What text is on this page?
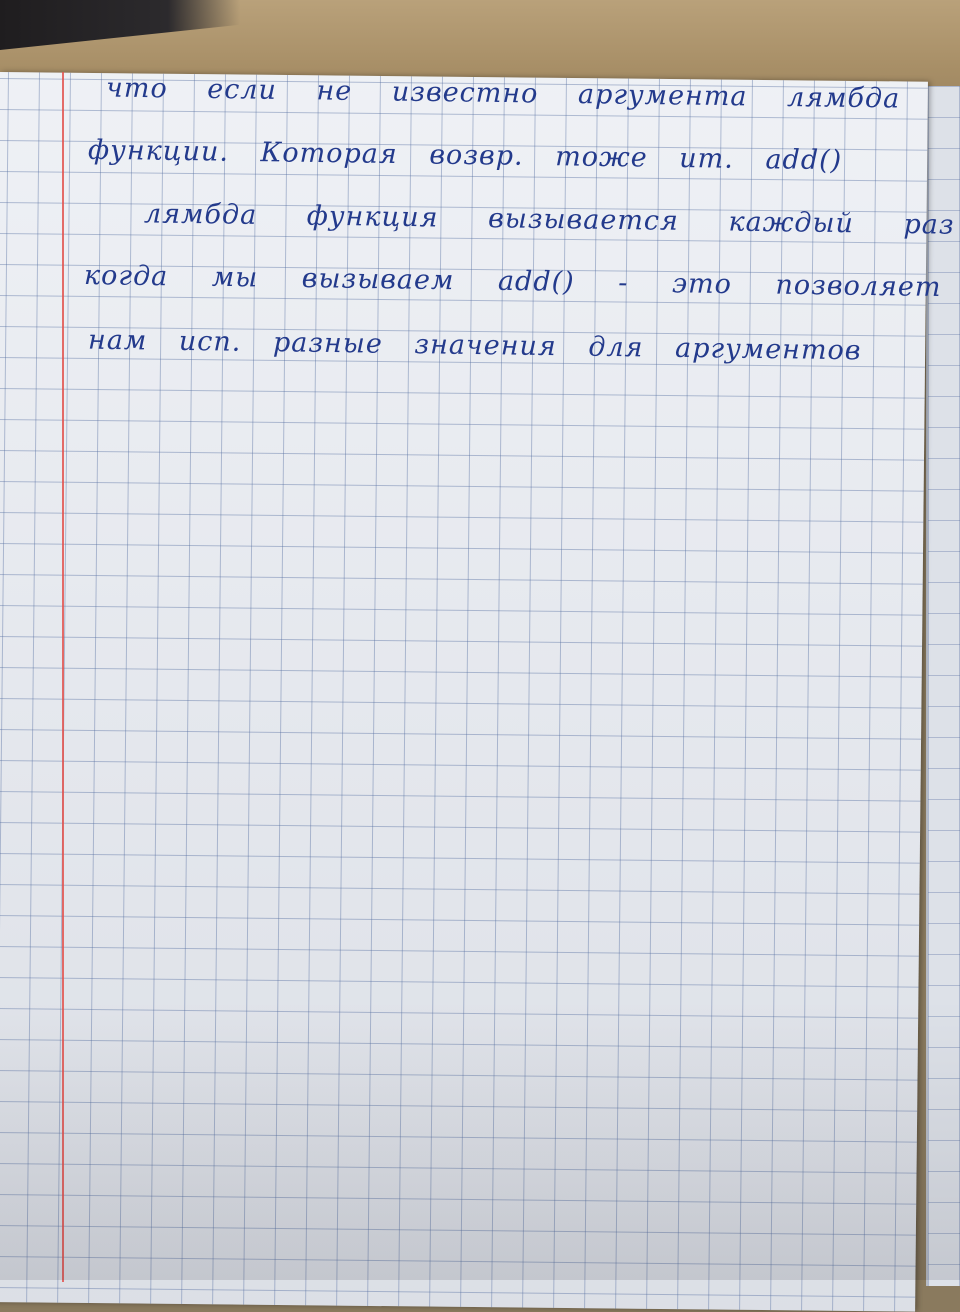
что если не известно аргумента лямбда

функции. Которая возвр. тоже ит. add()

лямбда функция вызывается каждый раз

когда мы вызываем add() - это позволяет

нам исп. разные значения для аргументов
